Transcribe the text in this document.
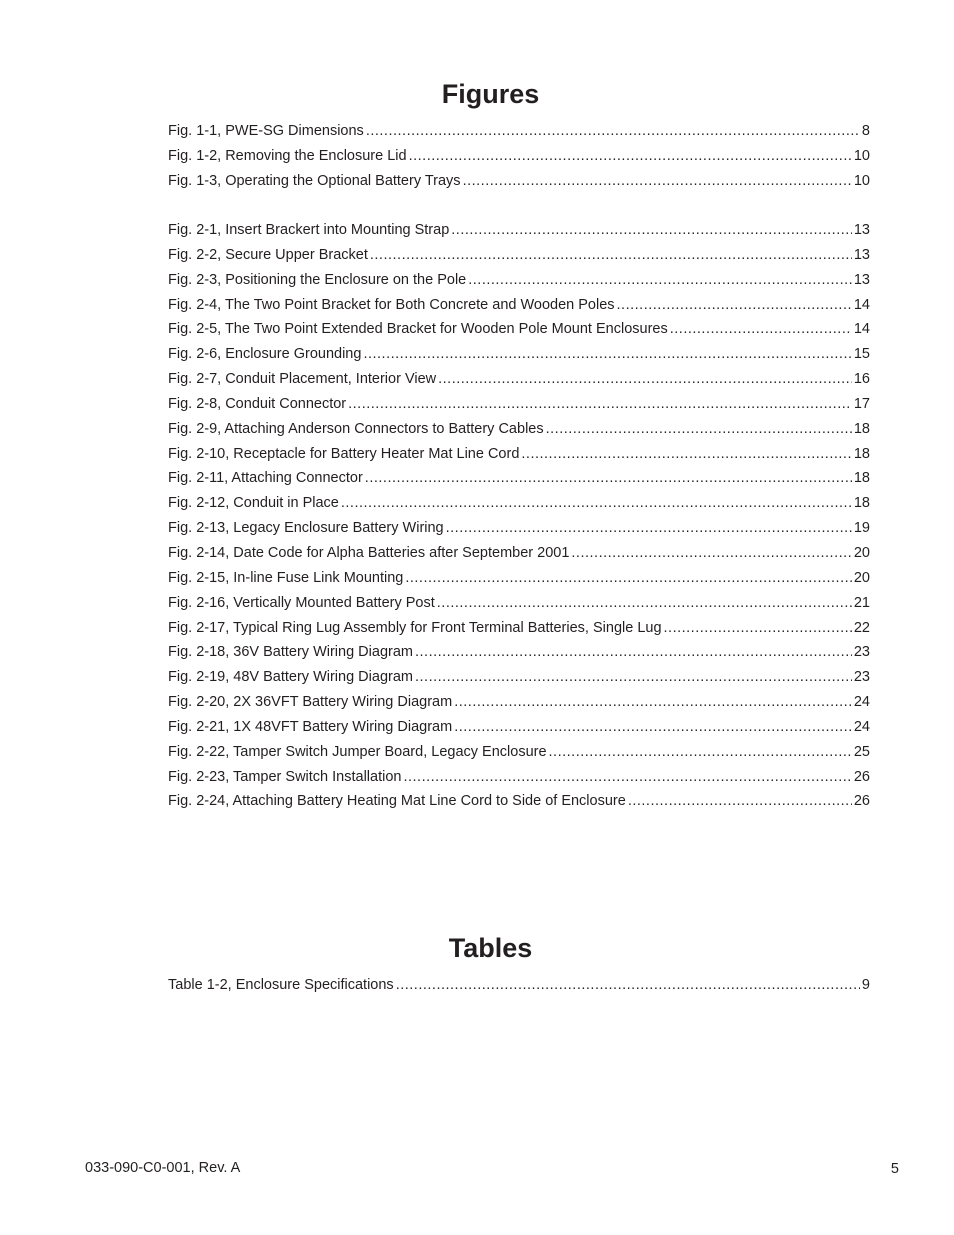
Figures
Fig. 1-1, PWE-SG Dimensions .....	8
Fig. 1-2, Removing the Enclosure Lid .....	10
Fig. 1-3, Operating the Optional Battery Trays .....	10
Fig. 2-1, Insert Brackert into Mounting Strap .....	13
Fig. 2-2, Secure Upper Bracket .....	13
Fig. 2-3, Positioning the Enclosure on the Pole .....	13
Fig. 2-4, The Two Point Bracket for Both Concrete and Wooden Poles .....	14
Fig. 2-5, The Two Point Extended Bracket for Wooden Pole Mount Enclosures .....	14
Fig. 2-6, Enclosure Grounding .....	15
Fig. 2-7, Conduit Placement, Interior View .....	16
Fig. 2-8, Conduit Connector .....	17
Fig. 2-9, Attaching Anderson Connectors to Battery Cables .....	18
Fig. 2-10, Receptacle for Battery Heater Mat Line Cord .....	18
Fig. 2-11, Attaching Connector .....	18
Fig. 2-12, Conduit in Place .....	18
Fig. 2-13, Legacy Enclosure Battery Wiring .....	19
Fig. 2-14, Date Code for Alpha Batteries after September 2001 .....	20
Fig. 2-15, In-line Fuse Link Mounting .....	20
Fig. 2-16, Vertically Mounted Battery Post .....	21
Fig. 2-17, Typical Ring Lug Assembly for Front Terminal Batteries, Single Lug .....	22
Fig. 2-18, 36V Battery Wiring Diagram .....	23
Fig. 2-19, 48V Battery Wiring Diagram .....	23
Fig. 2-20, 2X 36VFT Battery Wiring Diagram .....	24
Fig. 2-21, 1X 48VFT Battery Wiring Diagram .....	24
Fig. 2-22, Tamper Switch Jumper Board, Legacy Enclosure .....	25
Fig. 2-23, Tamper Switch Installation .....	26
Fig. 2-24, Attaching Battery Heating Mat Line Cord to Side of Enclosure .....	26
Tables
Table 1-2, Enclosure Specifications .....	9

033-090-C0-001, Rev. A	5
